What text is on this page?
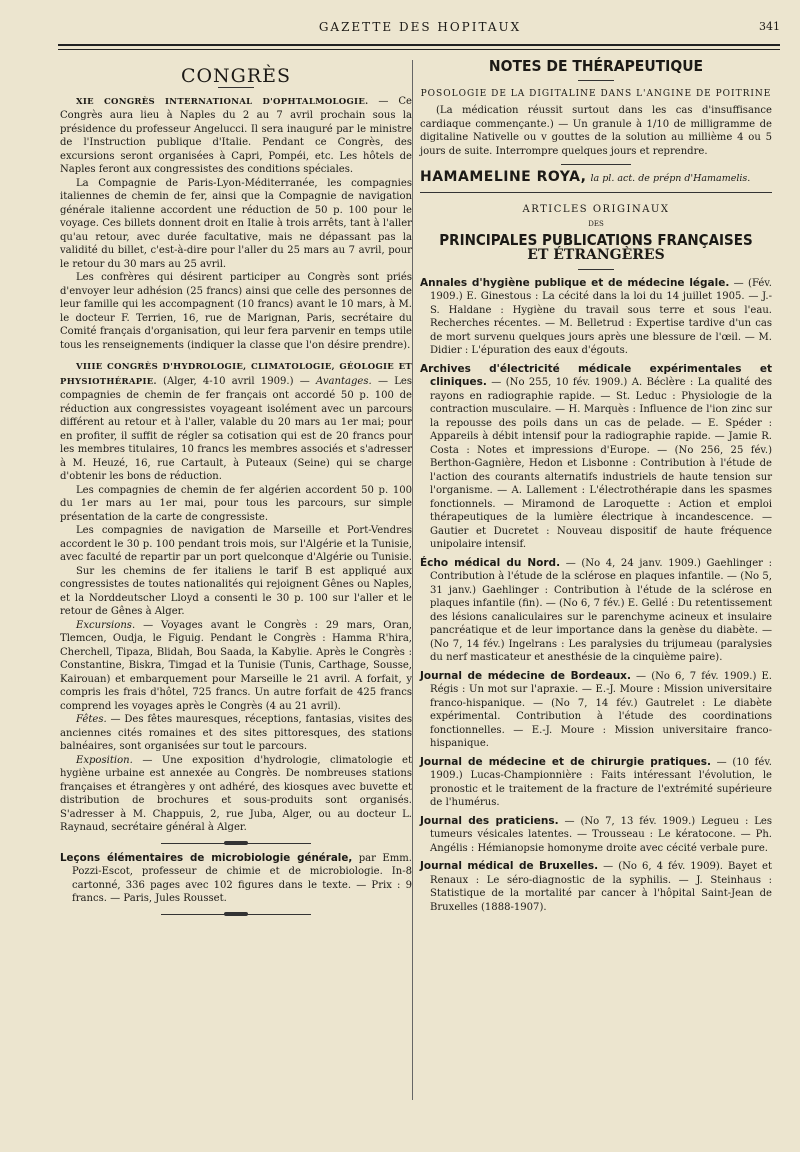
GAZETTE DES HOPITAUX	341
CONGRÈS

XIE CONGRÈS INTERNATIONAL D'OPHTALMOLOGIE. — Ce Congrès aura lieu à Naples du 2 au 7 avril prochain sous la présidence du professeur Angelucci. Il sera inauguré par le ministre de l'Instruction publique d'Italie. Pendant ce Congrès, des excursions seront organisées à Capri, Pompéi, etc. Les hôtels de Naples feront aux congressistes des conditions spéciales.

La Compagnie de Paris-Lyon-Méditerranée, les compagnies italiennes de chemin de fer, ainsi que la Compagnie de navigation générale italienne accordent une réduction de 50 p. 100 pour le voyage. Ces billets donnent droit en Italie à trois arrêts, tant à l'aller qu'au retour, avec durée facultative, mais ne dépassant pas la validité du billet, c'est-à-dire pour l'aller du 25 mars au 7 avril, pour le retour du 30 mars au 25 avril.

Les confrères qui désirent participer au Congrès sont priés d'envoyer leur adhésion (25 francs) ainsi que celle des personnes de leur famille qui les accompagnent (10 francs) avant le 10 mars, à M. le docteur F. Terrien, 16, rue de Marignan, Paris, secrétaire du Comité français d'organisation, qui leur fera parvenir en temps utile tous les renseignements (indiquer la classe que l'on désire prendre).

VIIIE CONGRÈS D'HYDROLOGIE, CLIMATOLOGIE, GÉOLOGIE ET PHYSIOTHÉRAPIE. (Alger, 4-10 avril 1909.) — Avantages. — Les compagnies de chemin de fer français ont accordé 50 p. 100 de réduction aux congressistes voyageant isolément avec un parcours différent au retour et à l'aller, valable du 20 mars au 1er mai; pour en profiter, il suffit de régler sa cotisation qui est de 20 francs pour les membres titulaires, 10 francs les membres associés et s'adresser à M. Heuzé, 16, rue Cartault, à Puteaux (Seine) qui se charge d'obtenir les bons de réduction.

Les compagnies de chemin de fer algérien accordent 50 p. 100 du 1er mars au 1er mai, pour tous les parcours, sur simple présentation de la carte de congressiste.

Les compagnies de navigation de Marseille et Port-Vendres accordent le 30 p. 100 pendant trois mois, sur l'Algérie et la Tunisie, avec faculté de repartir par un port quelconque d'Algérie ou Tunisie.

Sur les chemins de fer italiens le tarif B est appliqué aux congressistes de toutes nationalités qui rejoignent Gênes ou Naples, et la Norddeutscher Lloyd a consenti le 30 p. 100 sur l'aller et le retour de Gênes à Alger.

Excursions. — Voyages avant le Congrès : 29 mars, Oran, Tlemcen, Oudja, le Figuig. Pendant le Congrès : Hamma R'hira, Cherchell, Tipaza, Blidah, Bou Saada, la Kabylie. Après le Congrès : Constantine, Biskra, Timgad et la Tunisie (Tunis, Carthage, Sousse, Kairouan) et embarquement pour Marseille le 21 avril. A forfait, y compris les frais d'hôtel, 725 francs. Un autre forfait de 425 francs comprend les voyages après le Congrès (4 au 21 avril).

Fêtes. — Des fêtes mauresques, réceptions, fantasias, visites des anciennes cités romaines et des sites pittoresques, des stations balnéaires, sont organisées sur tout le parcours.

Exposition. — Une exposition d'hydrologie, climatologie et hygiène urbaine est annexée au Congrès. De nombreuses stations françaises et étrangères y ont adhéré, des kiosques avec buvette et distribution de brochures et sous-produits sont organisés. S'adresser à M. Chappuis, 2, rue Juba, Alger, ou au docteur L. Raynaud, secrétaire général à Alger.

Leçons élémentaires de microbiologie générale, par Emm. Pozzi-Escot, professeur de chimie et de microbiologie. In-8 cartonné, 336 pages avec 102 figures dans le texte. — Prix : 9 francs. — Paris, Jules Rousset.

NOTES DE THÉRAPEUTIQUE
POSOLOGIE DE LA DIGITALINE DANS L'ANGINE DE POITRINE

(La médication réussit surtout dans les cas d'insuffisance cardiaque commençante.) — Un granule à 1/10 de milligramme de digitaline Nativelle ou v gouttes de la solution au millième 4 ou 5 jours de suite. Interrompre quelques jours et reprendre.

HAMAMELINE ROYA, la pl. act. de prépn d'Hamamelis.
ARTICLES ORIGINAUX
DES
PRINCIPALES PUBLICATIONS FRANÇAISES
ET ÉTRANGÈRES

Annales d'hygiène publique et de médecine légale. — (Fév. 1909.) E. Ginestous : La cécité dans la loi du 14 juillet 1905. — J.-S. Haldane : Hygiène du travail sous terre et sous l'eau. Recherches récentes. — M. Belletrud : Expertise tardive d'un cas de mort survenu quelques jours après une blessure de l'œil. — M. Didier : L'épuration des eaux d'égouts.

Archives d'électricité médicale expérimentales et cliniques. — (No 255, 10 fév. 1909.) A. Béclère : La qualité des rayons en radiographie rapide. — St. Leduc : Physiologie de la contraction musculaire. — H. Marquès : Influence de l'ion zinc sur la repousse des poils dans un cas de pelade. — E. Spéder : Appareils à débit intensif pour la radiographie rapide. — Jamie R. Costa : Notes et impressions d'Europe. — (No 256, 25 fév.) Berthon-Gagnière, Hedon et Lisbonne : Contribution à l'étude de l'action des courants alternatifs industriels de haute tension sur l'organisme. — A. Lallement : L'électrothérapie dans les spasmes fonctionnels. — Miramond de Laroquette : Action et emploi thérapeutiques de la lumière électrique à incandescence. — Gautier et Ducretet : Nouveau dispositif de haute fréquence unipolaire intensif.

Écho médical du Nord. — (No 4, 24 janv. 1909.) Gaehlinger : Contribution à l'étude de la sclérose en plaques infantile. — (No 5, 31 janv.) Gaehlinger : Contribution à l'étude de la sclérose en plaques infantile (fin). — (No 6, 7 fév.) E. Gellé : Du retentissement des lésions canaliculaires sur le parenchyme acineux et insulaire pancréatique et de leur importance dans la genèse du diabète. — (No 7, 14 fév.) Ingelrans : Les paralysies du trijumeau (paralysies du nerf masticateur et anesthésie de la cinquième paire).

Journal de médecine de Bordeaux. — (No 6, 7 fév. 1909.) E. Régis : Un mot sur l'apraxie. — E.-J. Moure : Mission universitaire franco-hispanique. — (No 7, 14 fév.) Gautrelet : Le diabète expérimental. Contribution à l'étude des coordinations fonctionnelles. — E.-J. Moure : Mission universitaire franco-hispanique.

Journal de médecine et de chirurgie pratiques. — (10 fév. 1909.) Lucas-Championnière : Faits intéressant l'évolution, le pronostic et le traitement de la fracture de l'extrémité supérieure de l'humérus.

Journal des praticiens. — (No 7, 13 fév. 1909.) Legueu : Les tumeurs vésicales latentes. — Trousseau : Le kératocone. — Ph. Angélis : Hémianopsie homonyme droite avec cécité verbale pure.

Journal médical de Bruxelles. — (No 6, 4 fév. 1909). Bayet et Renaux : Le séro-diagnostic de la syphilis. — J. Steinhaus : Statistique de la mortalité par cancer à l'hôpital Saint-Jean de Bruxelles (1888-1907).
